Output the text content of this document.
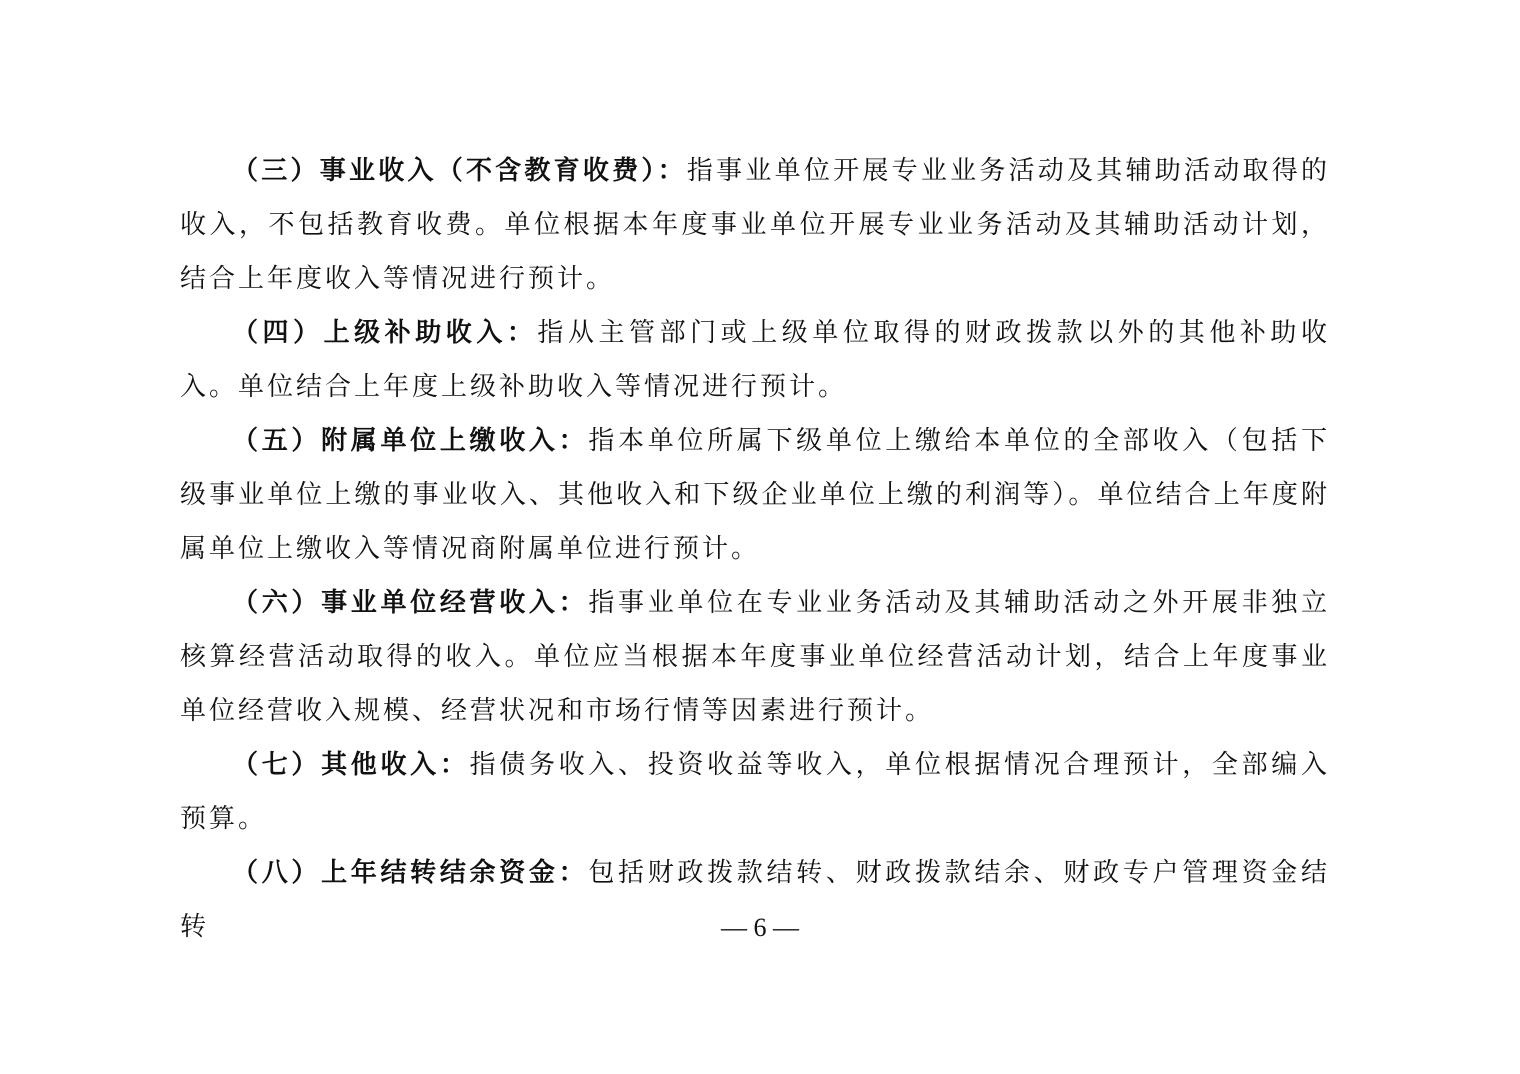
（三）事业收入（不含教育收费）：指事业单位开展专业业务活动及其辅助活动取得的收入，不包括教育收费。单位根据本年度事业单位开展专业业务活动及其辅助活动计划，结合上年度收入等情况进行预计。

（四）上级补助收入：指从主管部门或上级单位取得的财政拨款以外的其他补助收入。单位结合上年度上级补助收入等情况进行预计。

（五）附属单位上缴收入：指本单位所属下级单位上缴给本单位的全部收入（包括下级事业单位上缴的事业收入、其他收入和下级企业单位上缴的利润等）。单位结合上年度附属单位上缴收入等情况商附属单位进行预计。

（六）事业单位经营收入：指事业单位在专业业务活动及其辅助活动之外开展非独立核算经营活动取得的收入。单位应当根据本年度事业单位经营活动计划，结合上年度事业单位经营收入规模、经营状况和市场行情等因素进行预计。

（七）其他收入：指债务收入、投资收益等收入，单位根据情况合理预计，全部编入预算。

（八）上年结转结余资金：包括财政拨款结转、财政拨款结余、财政专户管理资金结转	— 6 —
